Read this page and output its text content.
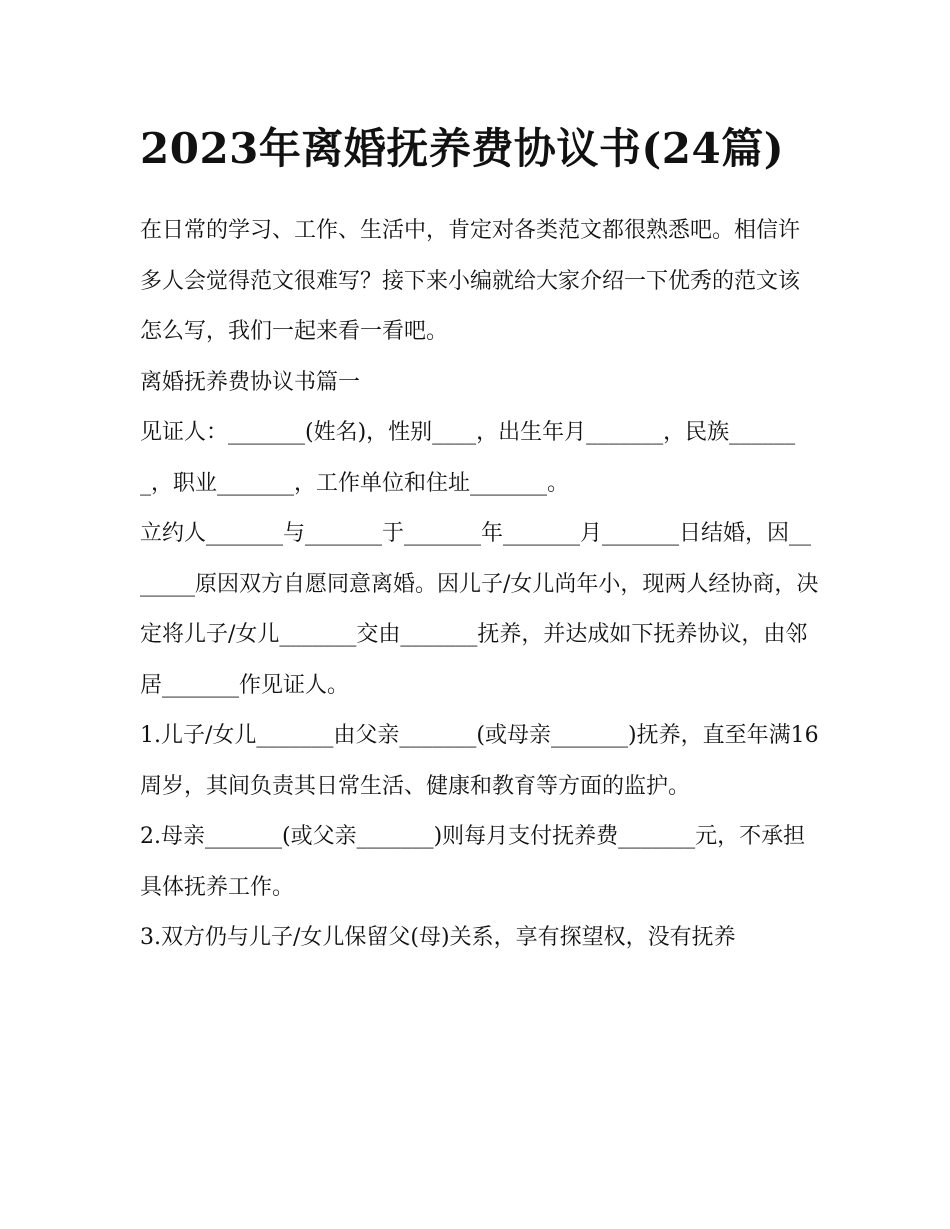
2023年离婚抚养费协议书(24篇)

在日常的学习、工作、生活中，肯定对各类范文都很熟悉吧。相信许多人会觉得范文很难写？接下来小编就给大家介绍一下优秀的范文该怎么写，我们一起来看一看吧。

离婚抚养费协议书篇一

见证人：_______(姓名)，性别____，出生年月_______，民族_______，职业_______，工作单位和住址_______。

立约人_______与_______于_______年_______月_______日结婚，因_______原因双方自愿同意离婚。因儿子/女儿尚年小，现两人经协商，决定将儿子/女儿_______交由_______抚养，并达成如下抚养协议，由邻居_______作见证人。

1.儿子/女儿_______由父亲_______(或母亲_______)抚养，直至年满16周岁，其间负责其日常生活、健康和教育等方面的监护。

2.母亲_______(或父亲_______)则每月支付抚养费_______元，不承担具体抚养工作。

3.双方仍与儿子/女儿保留父(母)关系，享有探望权，没有抚养
